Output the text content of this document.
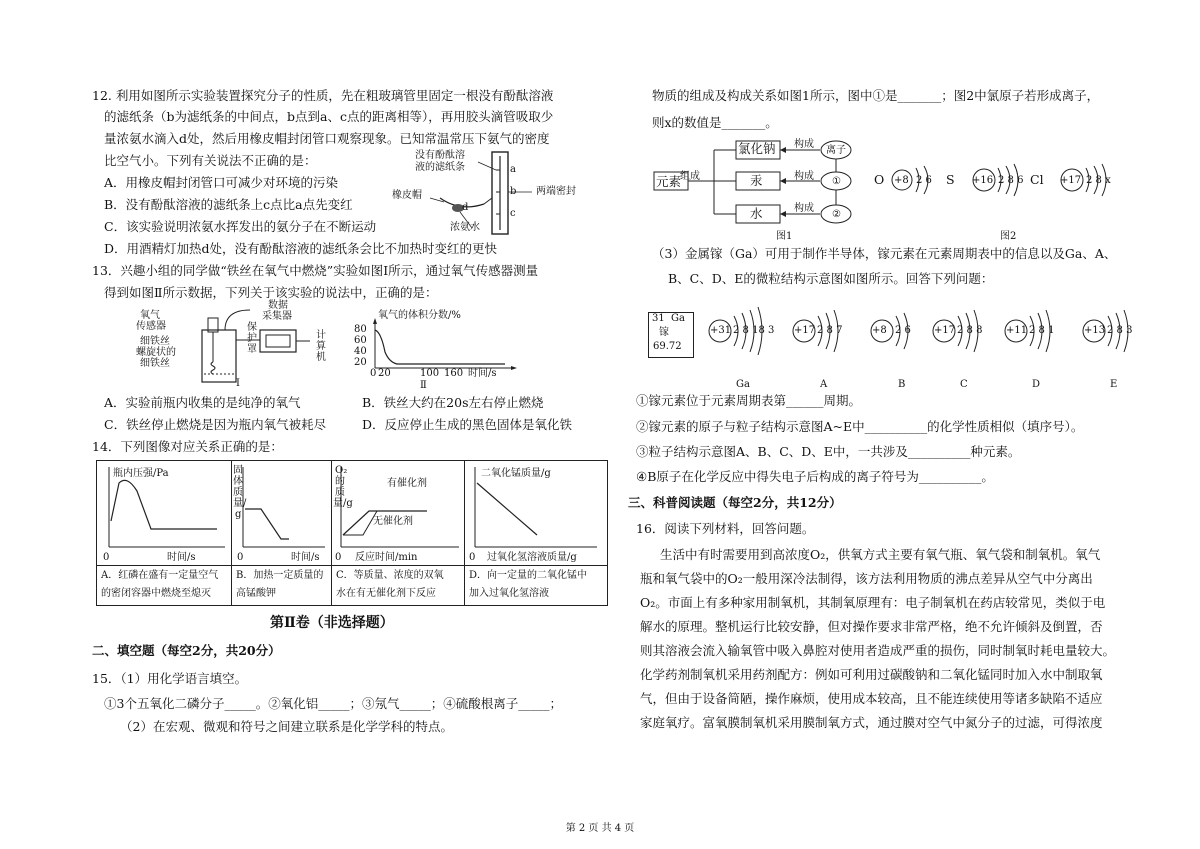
12. 利用如图所示实验装置探究分子的性质，先在粗玻璃管里固定一根没有酚酞溶液
的滤纸条（b为滤纸条的中间点，b点到a、c点的距离相等），再用胶头滴管吸取少
量浓氨水滴入d处，然后用橡皮帽封闭管口观察现象。已知常温常压下氨气的密度
比空气小。下列有关说法不正确的是：
A．用橡皮帽封闭管口可减少对环境的污染
B．没有酚酞溶液的滤纸条上c点比a点先变红
C．该实验说明浓氨水挥发出的氨分子在不断运动
D．用酒精灯加热d处，没有酚酞溶液的滤纸条会比不加热时变红的更快
没有酚酞溶
液的滤纸条
橡皮帽
浓氨水
两端密封
a
b
c
d
13．兴趣小组的同学做“铁丝在氧气中燃烧”实验如图Ⅰ所示，通过氧气传感器测量
得到如图Ⅱ所示数据，下列关于该实验的说法中，正确的是：
氧气
传感器
细铁丝
螺旋状的
细铁丝
保
护
罩
数据
采集器
计
算
机
Ⅰ
氧气的体积分数/%
80
60
40
20
0 20	100 160 时间/s
Ⅱ
A．实验前瓶内收集的是纯净的氧气	B．铁丝大约在20s左右停止燃烧
C．铁丝停止燃烧是因为瓶内氧气被耗尽	D．反应停止生成的黑色固体是氧化铁
14．下列图像对应关系正确的是：
瓶内压强/Pa
时间/s
0
固
体
质
量/
g
时间/s
0
O₂
的
质
量/g
有催化剂
无催化剂
反应时间/min
0
二氧化锰质量/g
过氧化氢溶液质量/g
0
A．红磷在盛有一定量空气
的密闭容器中燃烧至熄灭
B．加热一定质量的
高锰酸钾
C．等质量、浓度的双氧
水在有无催化剂下反应
D．向一定量的二氧化锰中
加入过氧化氢溶液
第Ⅱ卷（非选择题）
二、填空题（每空2分，共20分）
15．（1）用化学语言填空。
①3个五氧化二磷分子_____。②氧化铝_____；③氖气_____；④硫酸根离子_____；
（2）在宏观、微观和符号之间建立联系是化学学科的特点。
物质的组成及构成关系如图1所示，图中①是_______；图2中氯原子若形成离子，
则x的数值是_______。
元素
组成
氯化钠
汞
水
构成
构成
构成
离子
①
②
图1
O +8 2 6 S +16 2 8 6 Cl +17 2 8 x
图2
（3）金属镓（Ga）可用于制作半导体，镓元素在元素周期表中的信息以及Ga、A、
B、C、D、E的微粒结构示意图如图所示。回答下列问题：
31 Ga
镓
69.72
+31 2 8 18 3
Ga
+17 2 8 7
A
+8 2 6
B
+17 2 8 8
C
+11 2 8 1
D
+13 2 8 3
E
①镓元素位于元素周期表第______周期。
②镓元素的原子与粒子结构示意图A~E中__________的化学性质相似（填序号）。
③粒子结构示意图A、B、C、D、E中，一共涉及__________种元素。
④B原子在化学反应中得失电子后构成的离子符号为__________。
三、科普阅读题（每空2分，共12分）
16．阅读下列材料，回答问题。
生活中有时需要用到高浓度O₂，供氧方式主要有氧气瓶、氧气袋和制氧机。氧气
瓶和氧气袋中的O₂一般用深冷法制得，该方法利用物质的沸点差异从空气中分离出
O₂。市面上有多种家用制氧机，其制氧原理有：电子制氧机在药店较常见，类似于电
解水的原理。整机运行比较安静，但对操作要求非常严格，绝不允许倾斜及倒置，否
则其溶液会流入输氧管中吸入鼻腔对使用者造成严重的损伤，同时制氧时耗电量较大。
化学药剂制氧机采用药剂配方：例如可利用过碳酸钠和二氧化锰同时加入水中制取氧
气，但由于设备简陋，操作麻烦，使用成本较高，且不能连续使用等诸多缺陷不适应
家庭氧疗。富氧膜制氧机采用膜制氧方式，通过膜对空气中氮分子的过滤，可得浓度
第 2 页 共 4 页
